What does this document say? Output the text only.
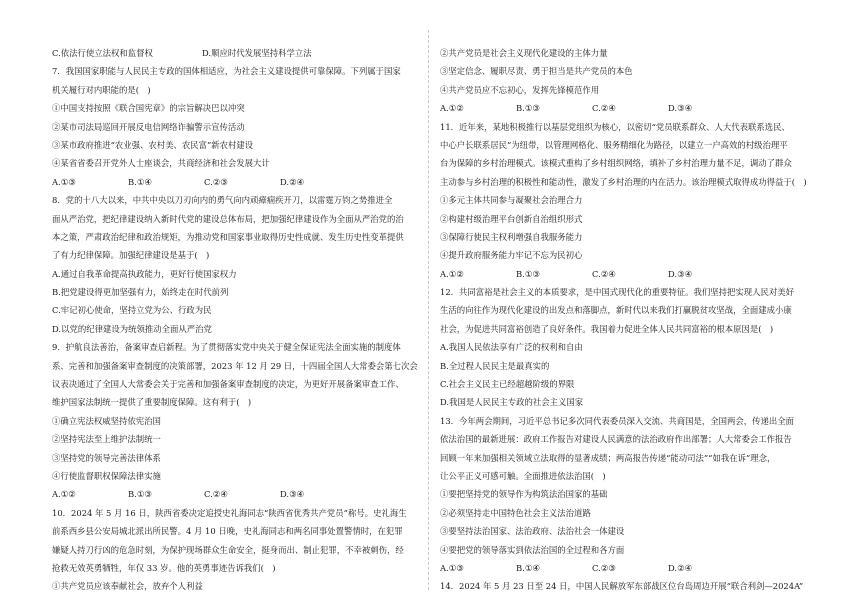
C.依法行使立法权和监督权	D.顺应时代发展坚持科学立法
7．我国国家职能与人民民主专政的国体相适应，为社会主义建设提供可靠保障。下列属于国家
机关履行对内职能的是(　)
①中国支持按照《联合国宪章》的宗旨解决巴以冲突
②某市司法局巡回开展反电信网络诈骗警示宣传活动
③某市政府推进“农业强、农村美、农民富”新农村建设
④某省省委召开党外人士座谈会，共商经济和社会发展大计
A.①③	B.①④	C.②③	D.②④
8．党的十八大以来，中共中央以刀刃向内的勇气向内顽瘴痼疾开刀，以雷霆万钧之势推进全
面从严治党，把纪律建设纳入新时代党的建设总体布局，把加强纪律建设作为全面从严治党的治
本之策，严肃政治纪律和政治规矩，为推动党和国家事业取得历史性成就、发生历史性变革提供
了有力纪律保障。加强纪律建设是基于(　)
A.通过自我革命提高执政能力，更好行使国家权力
B.把党建设得更加坚强有力，始终走在时代前列
C.牢记初心使命，坚持立党为公、行政为民
D.以党的纪律建设为统领推动全面从严治党
9．护航良法善治，备案审查启新程。为了贯彻落实党中央关于健全保证宪法全面实施的制度体
系、完善和加强备案审查制度的决策部署，2023 年 12 月 29 日，十四届全国人大常委会第七次会
议表决通过了全国人大常委会关于完善和加强备案审查制度的决定，为更好开展备案审查工作、
维护国家法制统一提供了重要制度保障。这有利于(　)
①确立宪法权威坚持依宪治国
②坚持宪法至上维护法制统一
③坚持党的领导完善法律体系
④行使监督职权保障法律实施
A.①②	B.①③	C.②④	D.③④
10．2024 年 5 月 16 日，陕西省委决定追授史礼海同志“陕西省优秀共产党员”称号。史礼海生
前系西乡县公安局城北派出所民警。4 月 10 日晚，史礼海同志和两名同事处置警情时，在犯罪
嫌疑人持刀行凶的危急时刻，为保护现场群众生命安全，挺身而出、制止犯罪，不幸被刺伤，经
抢救无效英勇牺牲，年仅 33 岁。他的英勇事迹告诉我们(　)
①共产党员应该奉献社会，放弃个人利益
②共产党员是社会主义现代化建设的主体力量
③坚定信念、履职尽责、勇于担当是共产党员的本色
④共产党员应不忘初心，发挥先锋模范作用
A.①②	B.①③	C.②④	D.③④
11．近年来，某地积极推行以基层党组织为核心，以密切“党员联系群众、人大代表联系选民、
中心户长联系居民”为纽带，以管理网格化、服务精细化为路径，以建立一户高效的村级治理平
台为保障的乡村治理模式。该模式重构了乡村组织网络，填补了乡村治理力量不足，调动了群众
主动参与乡村治理的积极性和能动性，激发了乡村治理的内在活力。该治理模式取得成功得益于(　)
①多元主体共同参与凝聚社会治理合力
②构建村级治理平台创新自治组织形式
③保障行使民主权利增强自我服务能力
④提升政府服务能力牢记不忘为民初心
A.①②	B.①③	C.②④	D.③④
12．共同富裕是社会主义的本质要求，是中国式现代化的重要特征。我们坚持把实现人民对美好
生活的向往作为现代化建设的出发点和落脚点，新时代以来我们打赢脱贫攻坚战，全面建成小康
社会，为促进共同富裕创造了良好条件。我国着力促进全体人民共同富裕的根本原因是(　)
A.我国人民依法享有广泛的权利和自由
B.全过程人民民主是最真实的
C.社会主义民主已经超越阶级的界限
D.我国是人民民主专政的社会主义国家
13．今年两会期间，习近平总书记多次同代表委员深入交流、共商国是，全国两会，传递出全面
依法治国的最新进展：政府工作报告对建设人民满意的法治政府作出部署；人大常委会工作报告
回顾一年来加强相关领域立法取得的显著成绩；两高报告传递“能动司法”“如我在诉”理念，
让公平正义可感可触。全面推进依法治国(　)
①要把坚持党的领导作为构筑法治国家的基础
②必须坚持走中国特色社会主义法治道路
③要坚持法治国家、法治政府、法治社会一体建设
④要把党的领导落实到依法治国的全过程和各方面
A.①③	B.①④	C.②③	D.②④
14．2024 年 5 月 23 日至 24 日，中国人民解放军东部战区位台岛周边开展“联合利剑—2024A”
